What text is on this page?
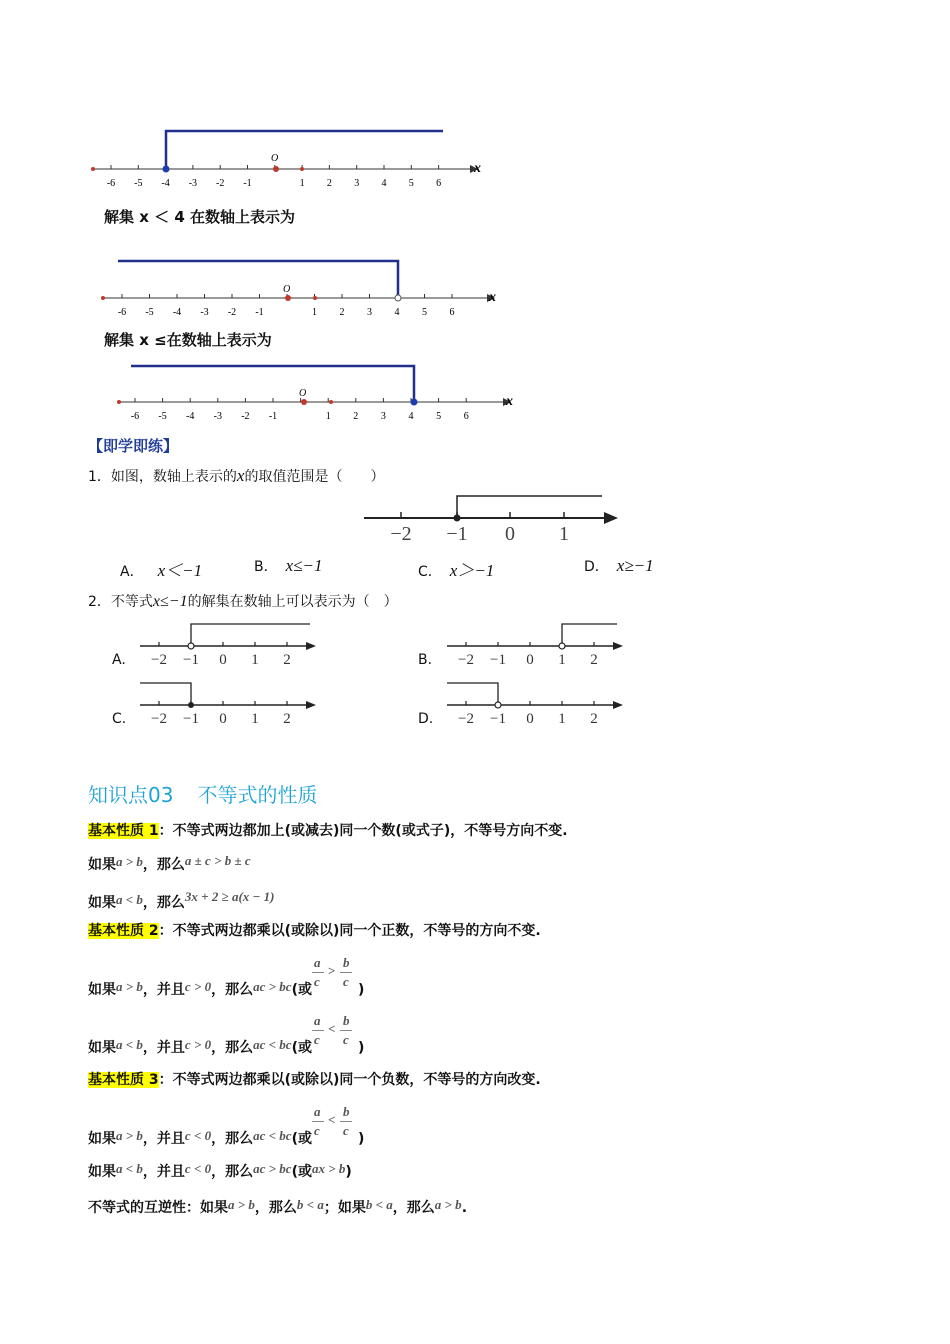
-6 -5 -4 -3 -2 -1	1 2 3 4 5 6
x
O
解集 x ＜ 4 在数轴上表示为
-6 -5 -4 -3 -2 -1	1 2 3 4 5 6
x
O
解集 x ≤在数轴上表示为
-6 -5 -4 -3 -2 -1	1 2 3 4 5 6
x
O
【即学即练】
1．如图，数轴上表示的x的取值范围是（　　）
−2 −1 0 1
A． x＜−1	B． x≤−1	C． x＞−1	D． x≥−1
2．不等式x≤−1的解集在数轴上可以表示为（　）
A. −2 −1 0 1 2	B. −2 −1 0 1 2
C. −2 −1 0 1 2	D. −2 −1 0 1 2
知识点03 不等式的性质
基本性质 1：不等式两边都加上(或减去)同一个数(或式子)，不等号方向不变.
如果a > b，那么a ± c > b ± c
如果a < b，那么3x + 2 ≥ a(x − 1)
基本性质 2：不等式两边都乘以(或除以)同一个正数，不等号的方向不变.
如果a > b，并且c > 0，那么ac > bc(或
a
c
>
b
c
)
如果a < b，并且c > 0，那么ac < bc(或
a
c
<
b
c
)
基本性质 3：不等式两边都乘以(或除以)同一个负数，不等号的方向改变.
如果a > b，并且c < 0，那么ac < bc(或
a
c
<
b
c
)
如果a < b，并且c < 0，那么ac > bc(或ax > b)
不等式的互逆性：如果a > b，那么b < a；如果b < a，那么a > b.
